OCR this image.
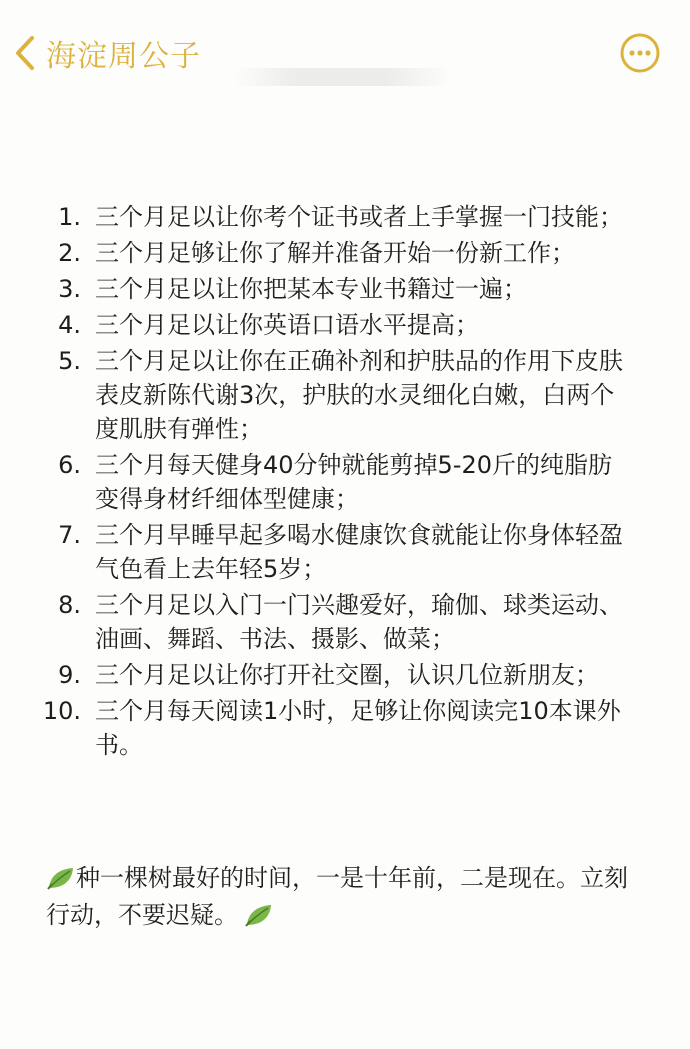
海淀周公子
1. 三个月足以让你考个证书或者上手掌握一门技能；
2. 三个月足够让你了解并准备开始一份新工作；
3. 三个月足以让你把某本专业书籍过一遍；
4. 三个月足以让你英语口语水平提高；
5. 三个月足以让你在正确补剂和护肤品的作用下皮肤表皮新陈代谢3次，护肤的水灵细化白嫩，白两个度肌肤有弹性；
6. 三个月每天健身40分钟就能剪掉5-20斤的纯脂肪变得身材纤细体型健康；
7. 三个月早睡早起多喝水健康饮食就能让你身体轻盈气色看上去年轻5岁；
8. 三个月足以入门一门兴趣爱好，瑜伽、球类运动、油画、舞蹈、书法、摄影、做菜；
9. 三个月足以让你打开社交圈，认识几位新朋友；
10. 三个月每天阅读1小时，足够让你阅读完10本课外书。
种一棵树最好的时间，一是十年前，二是现在。立刻行动，不要迟疑。
